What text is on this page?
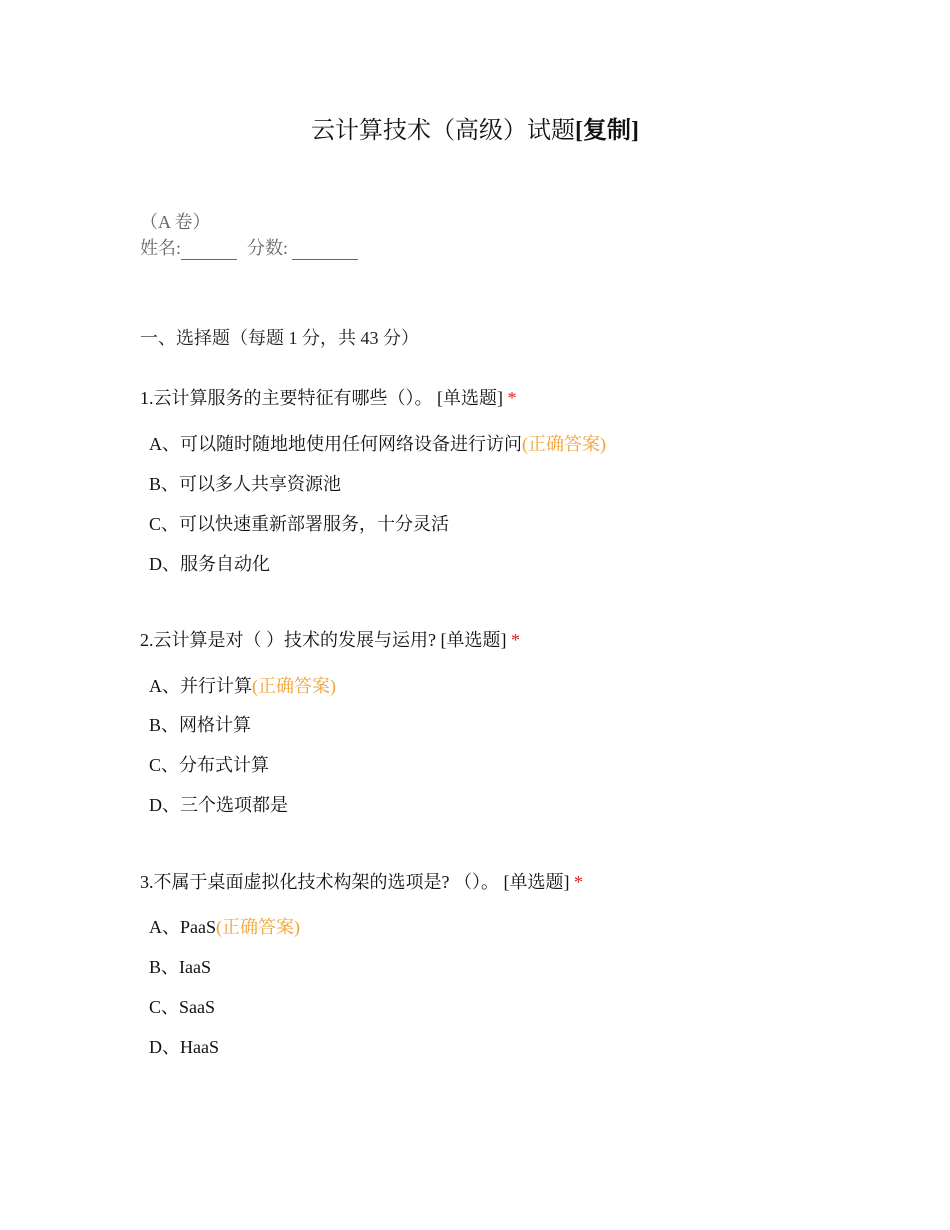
云计算技术（高级）试题[复制]
（A 卷）
姓名:	分数:
一、选择题（每题 1 分，共 43 分）
1.云计算服务的主要特征有哪些（）。 [单选题] *
A、可以随时随地地使用任何网络设备进行访问(正确答案)
B、可以多人共享资源池
C、可以快速重新部署服务，十分灵活
D、服务自动化
2.云计算是对（ ）技术的发展与运用? [单选题] *
A、并行计算(正确答案)
B、网格计算
C、分布式计算
D、三个选项都是
3.不属于桌面虚拟化技术构架的选项是? （）。 [单选题] *
A、PaaS(正确答案)
B、IaaS
C、SaaS
D、HaaS
